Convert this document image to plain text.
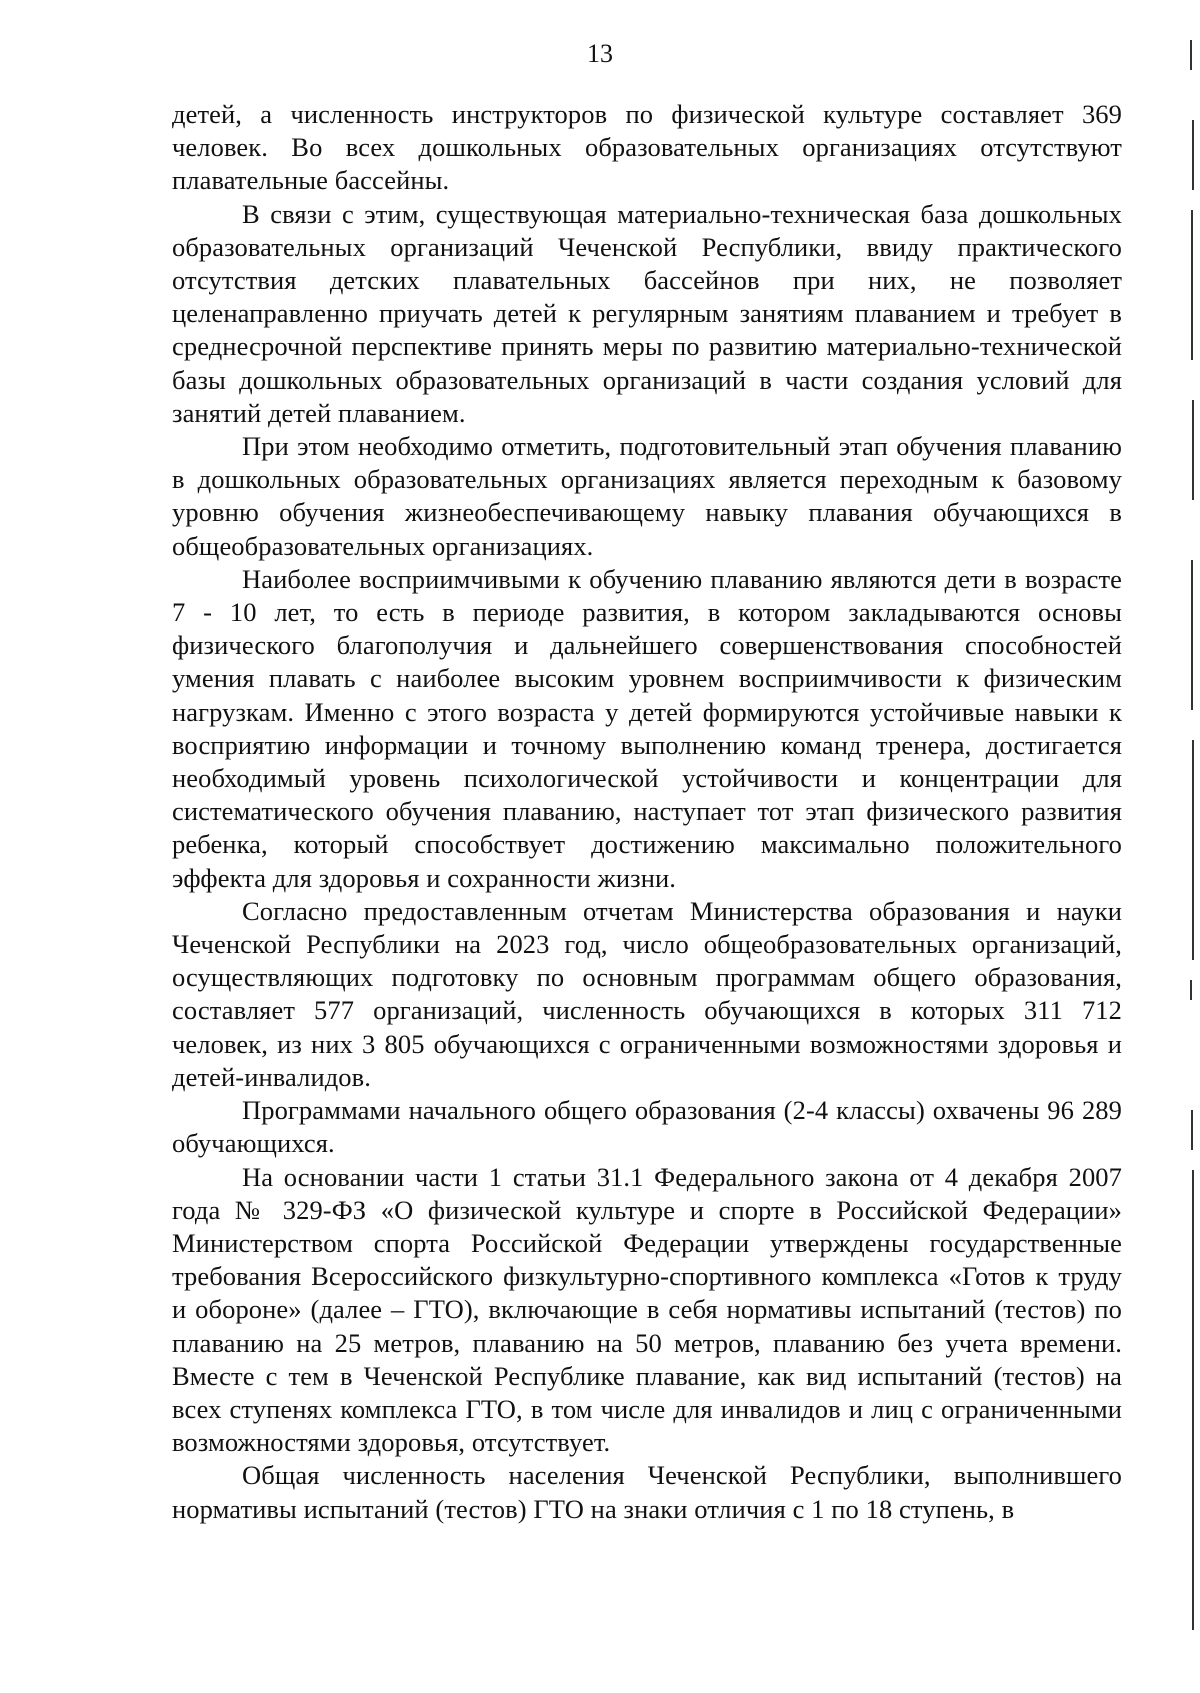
13

детей, а численность инструкторов по физической культуре составляет 369 человек. Во всех дошкольных образовательных организациях отсутствуют плавательные бассейны.

В связи с этим, существующая материально-техническая база дошкольных образовательных организаций Чеченской Республики, ввиду практического отсутствия детских плавательных бассейнов при них, не позволяет целенаправленно приучать детей к регулярным занятиям плаванием и требует в среднесрочной перспективе принять меры по развитию материально-технической базы дошкольных образовательных организаций в части создания условий для занятий детей плаванием.

При этом необходимо отметить, подготовительный этап обучения плаванию в дошкольных образовательных организациях является переходным к базовому уровню обучения жизнеобеспечивающему навыку плавания обучающихся в общеобразовательных организациях.

Наиболее восприимчивыми к обучению плаванию являются дети в возрасте 7 - 10 лет, то есть в периоде развития, в котором закладываются основы физического благополучия и дальнейшего совершенствования способностей умения плавать с наиболее высоким уровнем восприимчивости к физическим нагрузкам. Именно с этого возраста у детей формируются устойчивые навыки к восприятию информации и точному выполнению команд тренера, достигается необходимый уровень психологической устойчивости и концентрации для систематического обучения плаванию, наступает тот этап физического развития ребенка, который способствует достижению максимально положительного эффекта для здоровья и сохранности жизни.

Согласно предоставленным отчетам Министерства образования и науки Чеченской Республики на 2023 год, число общеобразовательных организаций, осуществляющих подготовку по основным программам общего образования, составляет 577 организаций, численность обучающихся в которых 311 712 человек, из них 3 805 обучающихся с ограниченными возможностями здоровья и детей-инвалидов.

Программами начального общего образования (2-4 классы) охвачены 96 289 обучающихся.

На основании части 1 статьи 31.1 Федерального закона от 4 декабря 2007 года № 329-ФЗ «О физической культуре и спорте в Российской Федерации» Министерством спорта Российской Федерации утверждены государственные требования Всероссийского физкультурно-спортивного комплекса «Готов к труду и обороне» (далее – ГТО), включающие в себя нормативы испытаний (тестов) по плаванию на 25 метров, плаванию на 50 метров, плаванию без учета времени. Вместе с тем в Чеченской Республике плавание, как вид испытаний (тестов) на всех ступенях комплекса ГТО, в том числе для инвалидов и лиц с ограниченными возможностями здоровья, отсутствует.

Общая численность населения Чеченской Республики, выполнившего нормативы испытаний (тестов) ГТО на знаки отличия с 1 по 18 ступень, в
